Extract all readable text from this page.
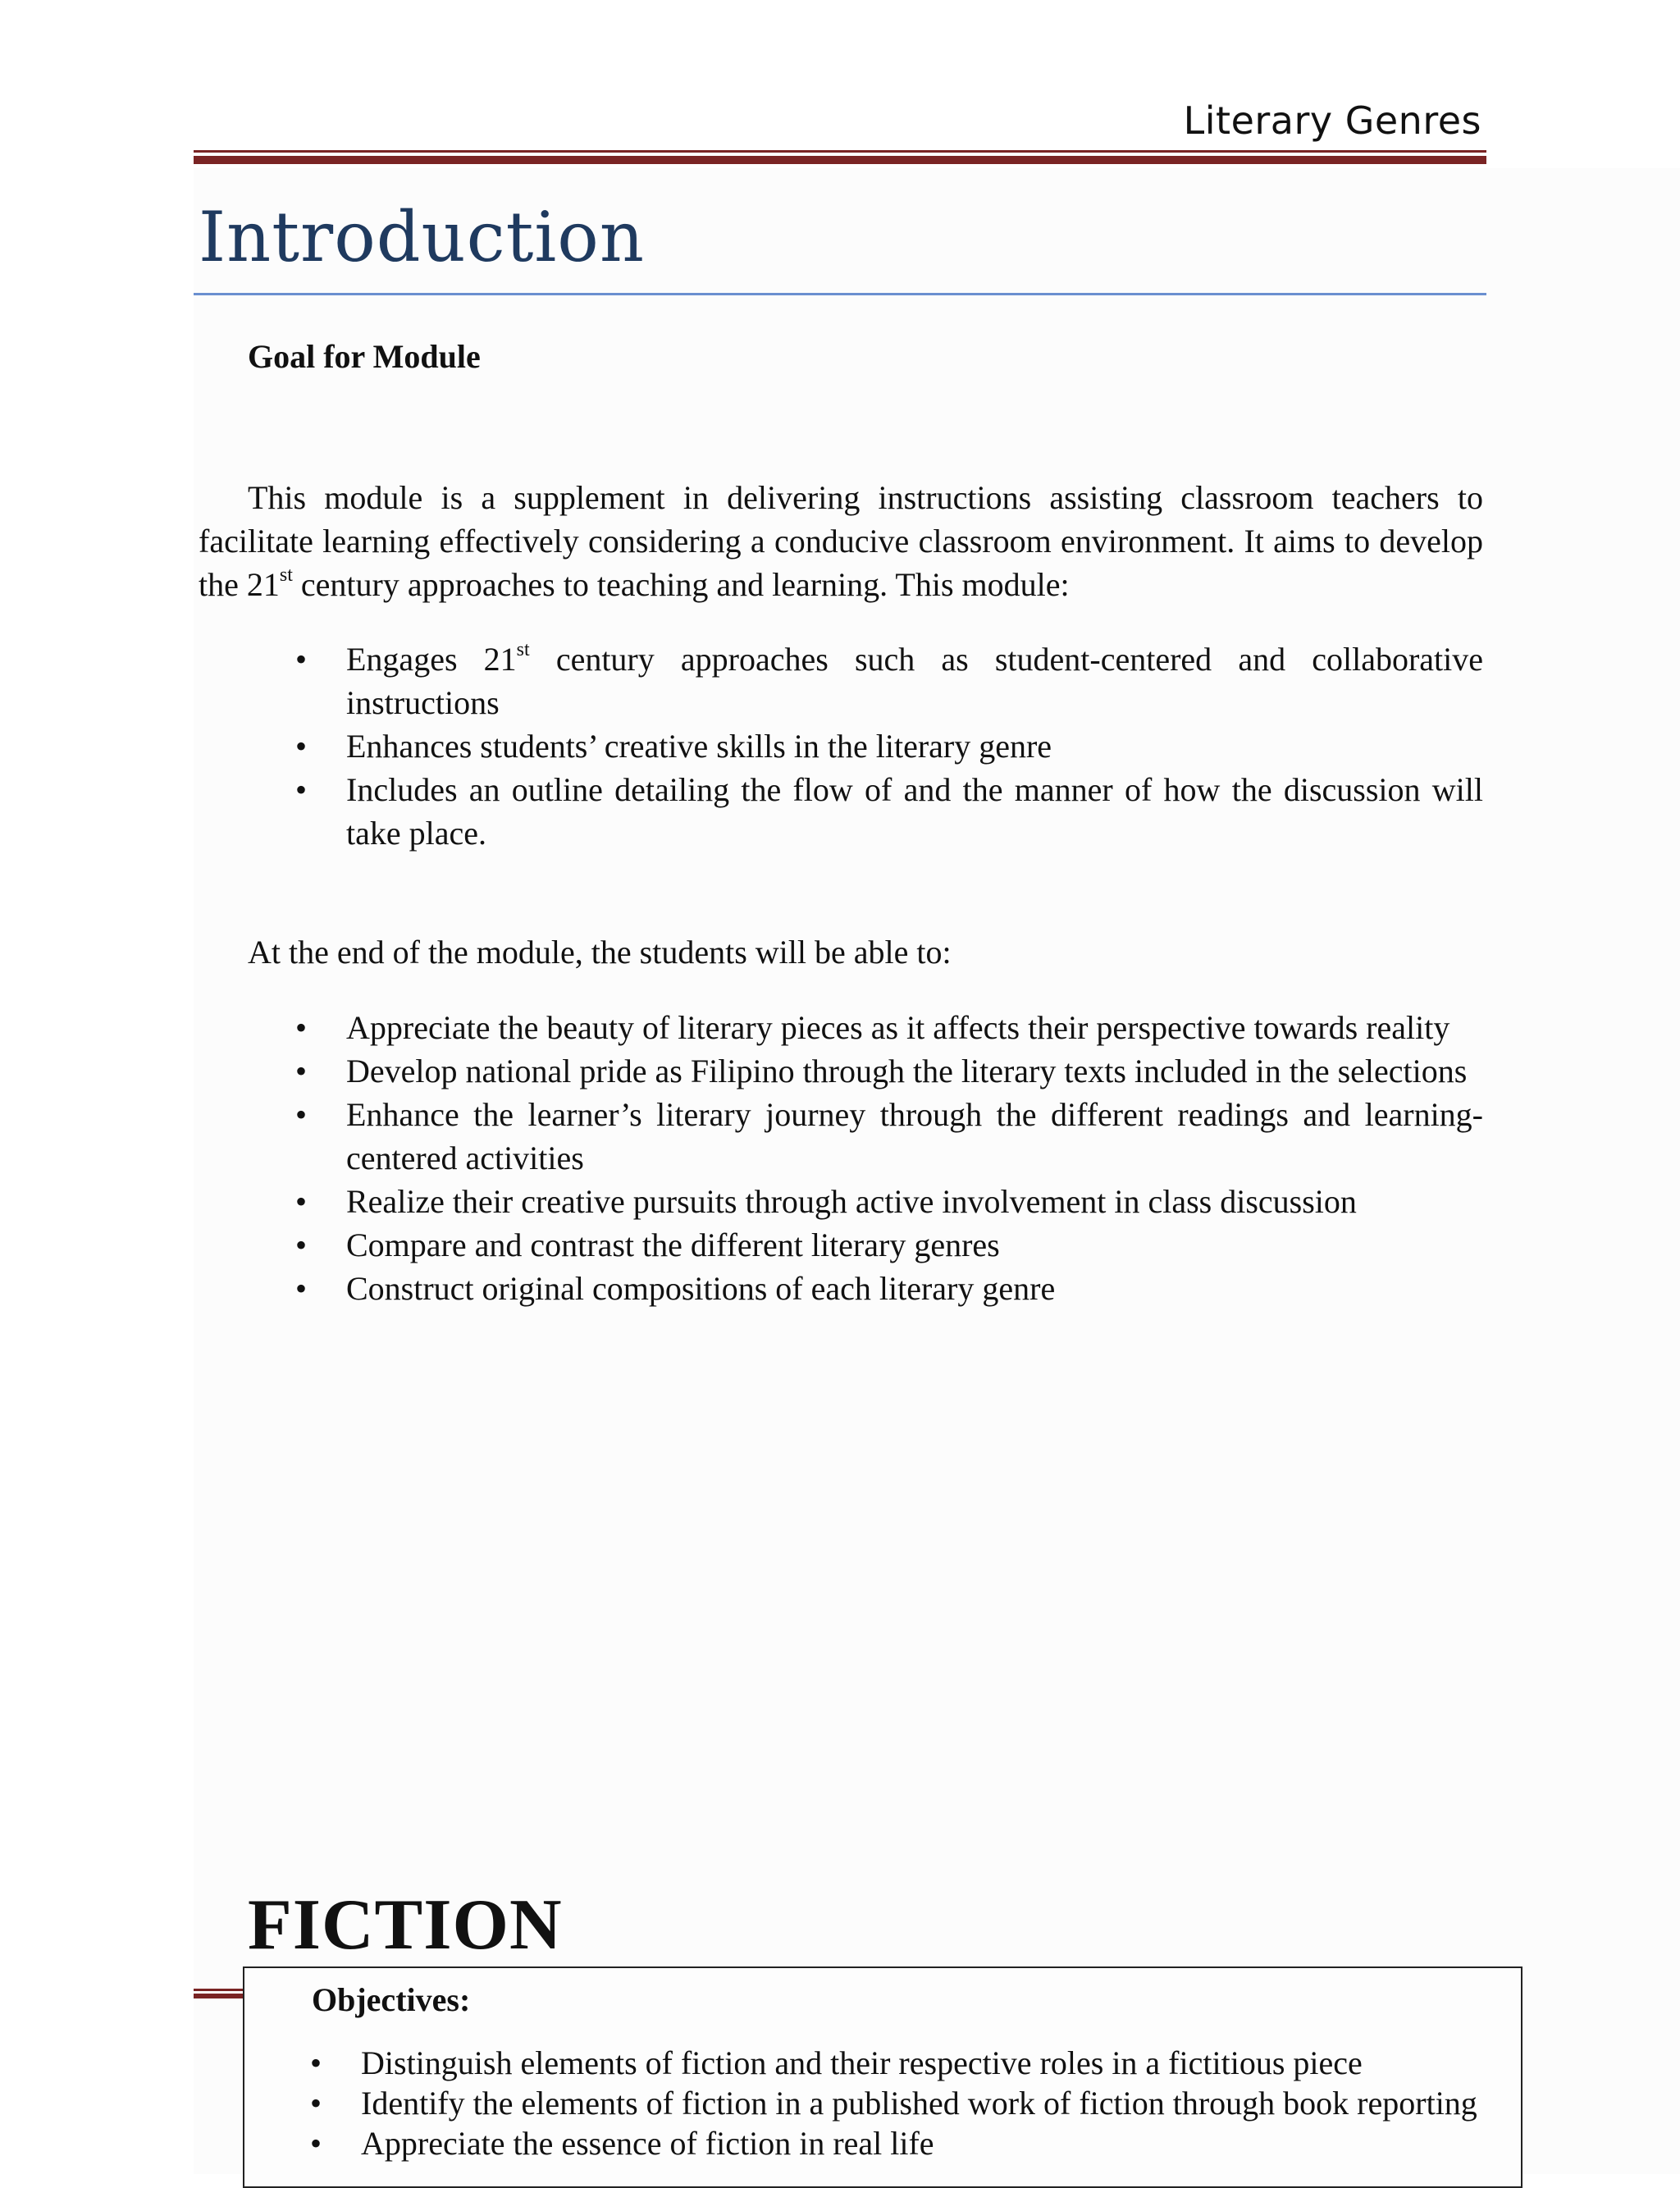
Literary Genres
Introduction
Goal for Module

This module is a supplement in delivering instructions assisting classroom teachers to facilitate learning effectively considering a conducive classroom environment. It aims to develop the 21st century approaches to teaching and learning. This module:

• Engages 21st century approaches such as student-centered and collaborative instructions
• Enhances students’ creative skills in the literary genre
• Includes an outline detailing the flow of and the manner of how the discussion will take place.
At the end of the module, the students will be able to:
• Appreciate the beauty of literary pieces as it affects their perspective towards reality
• Develop national pride as Filipino through the literary texts included in the selections
• Enhance the learner’s literary journey through the different readings and learning-centered activities
• Realize their creative pursuits through active involvement in class discussion
• Compare and contrast the different literary genres
• Construct original compositions of each literary genre
FICTION
Objectives:
• Distinguish elements of fiction and their respective roles in a fictitious piece
• Identify the elements of fiction in a published work of fiction through book reporting
• Appreciate the essence of fiction in real life
